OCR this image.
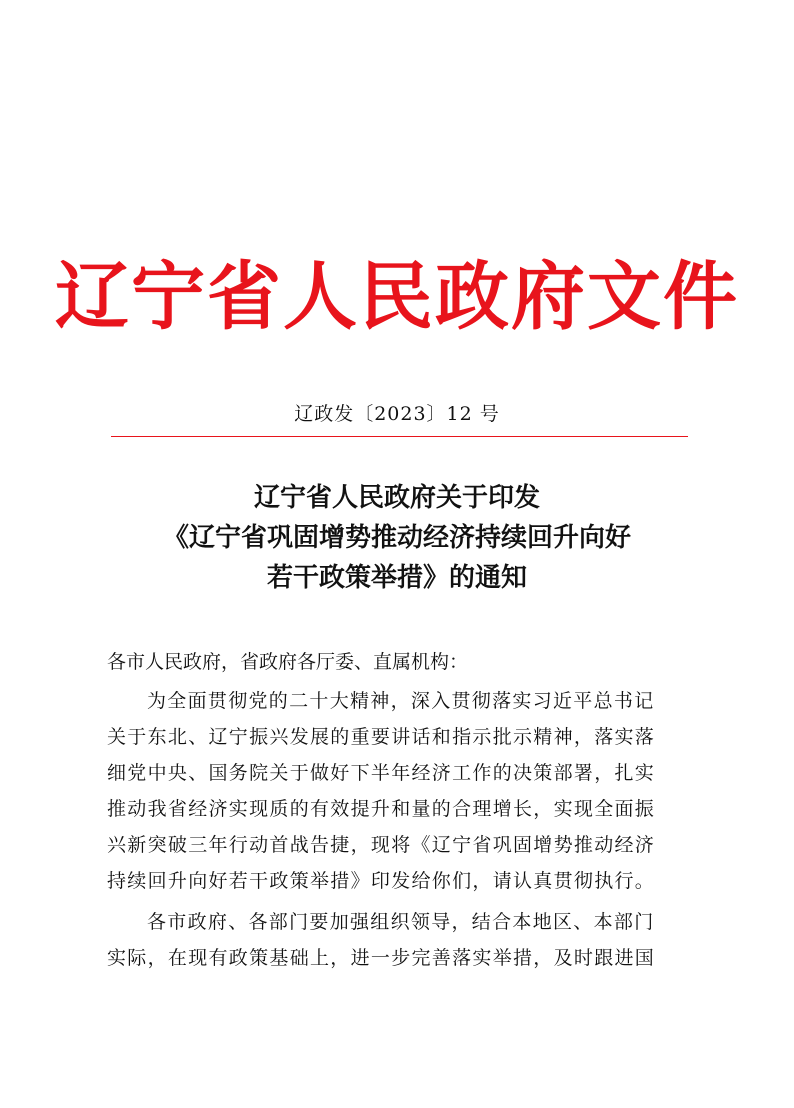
辽宁省人民政府文件
辽政发〔2023〕12 号
辽宁省人民政府关于印发
《辽宁省巩固增势推动经济持续回升向好
若干政策举措》的通知
各市人民政府，省政府各厅委、直属机构：
为全面贯彻党的二十大精神，深入贯彻落实习近平总书记
关于东北、辽宁振兴发展的重要讲话和指示批示精神，落实落
细党中央、国务院关于做好下半年经济工作的决策部署，扎实
推动我省经济实现质的有效提升和量的合理增长，实现全面振
兴新突破三年行动首战告捷，现将《辽宁省巩固增势推动经济
持续回升向好若干政策举措》印发给你们，请认真贯彻执行。
各市政府、各部门要加强组织领导，结合本地区、本部门
实际，在现有政策基础上，进一步完善落实举措，及时跟进国
